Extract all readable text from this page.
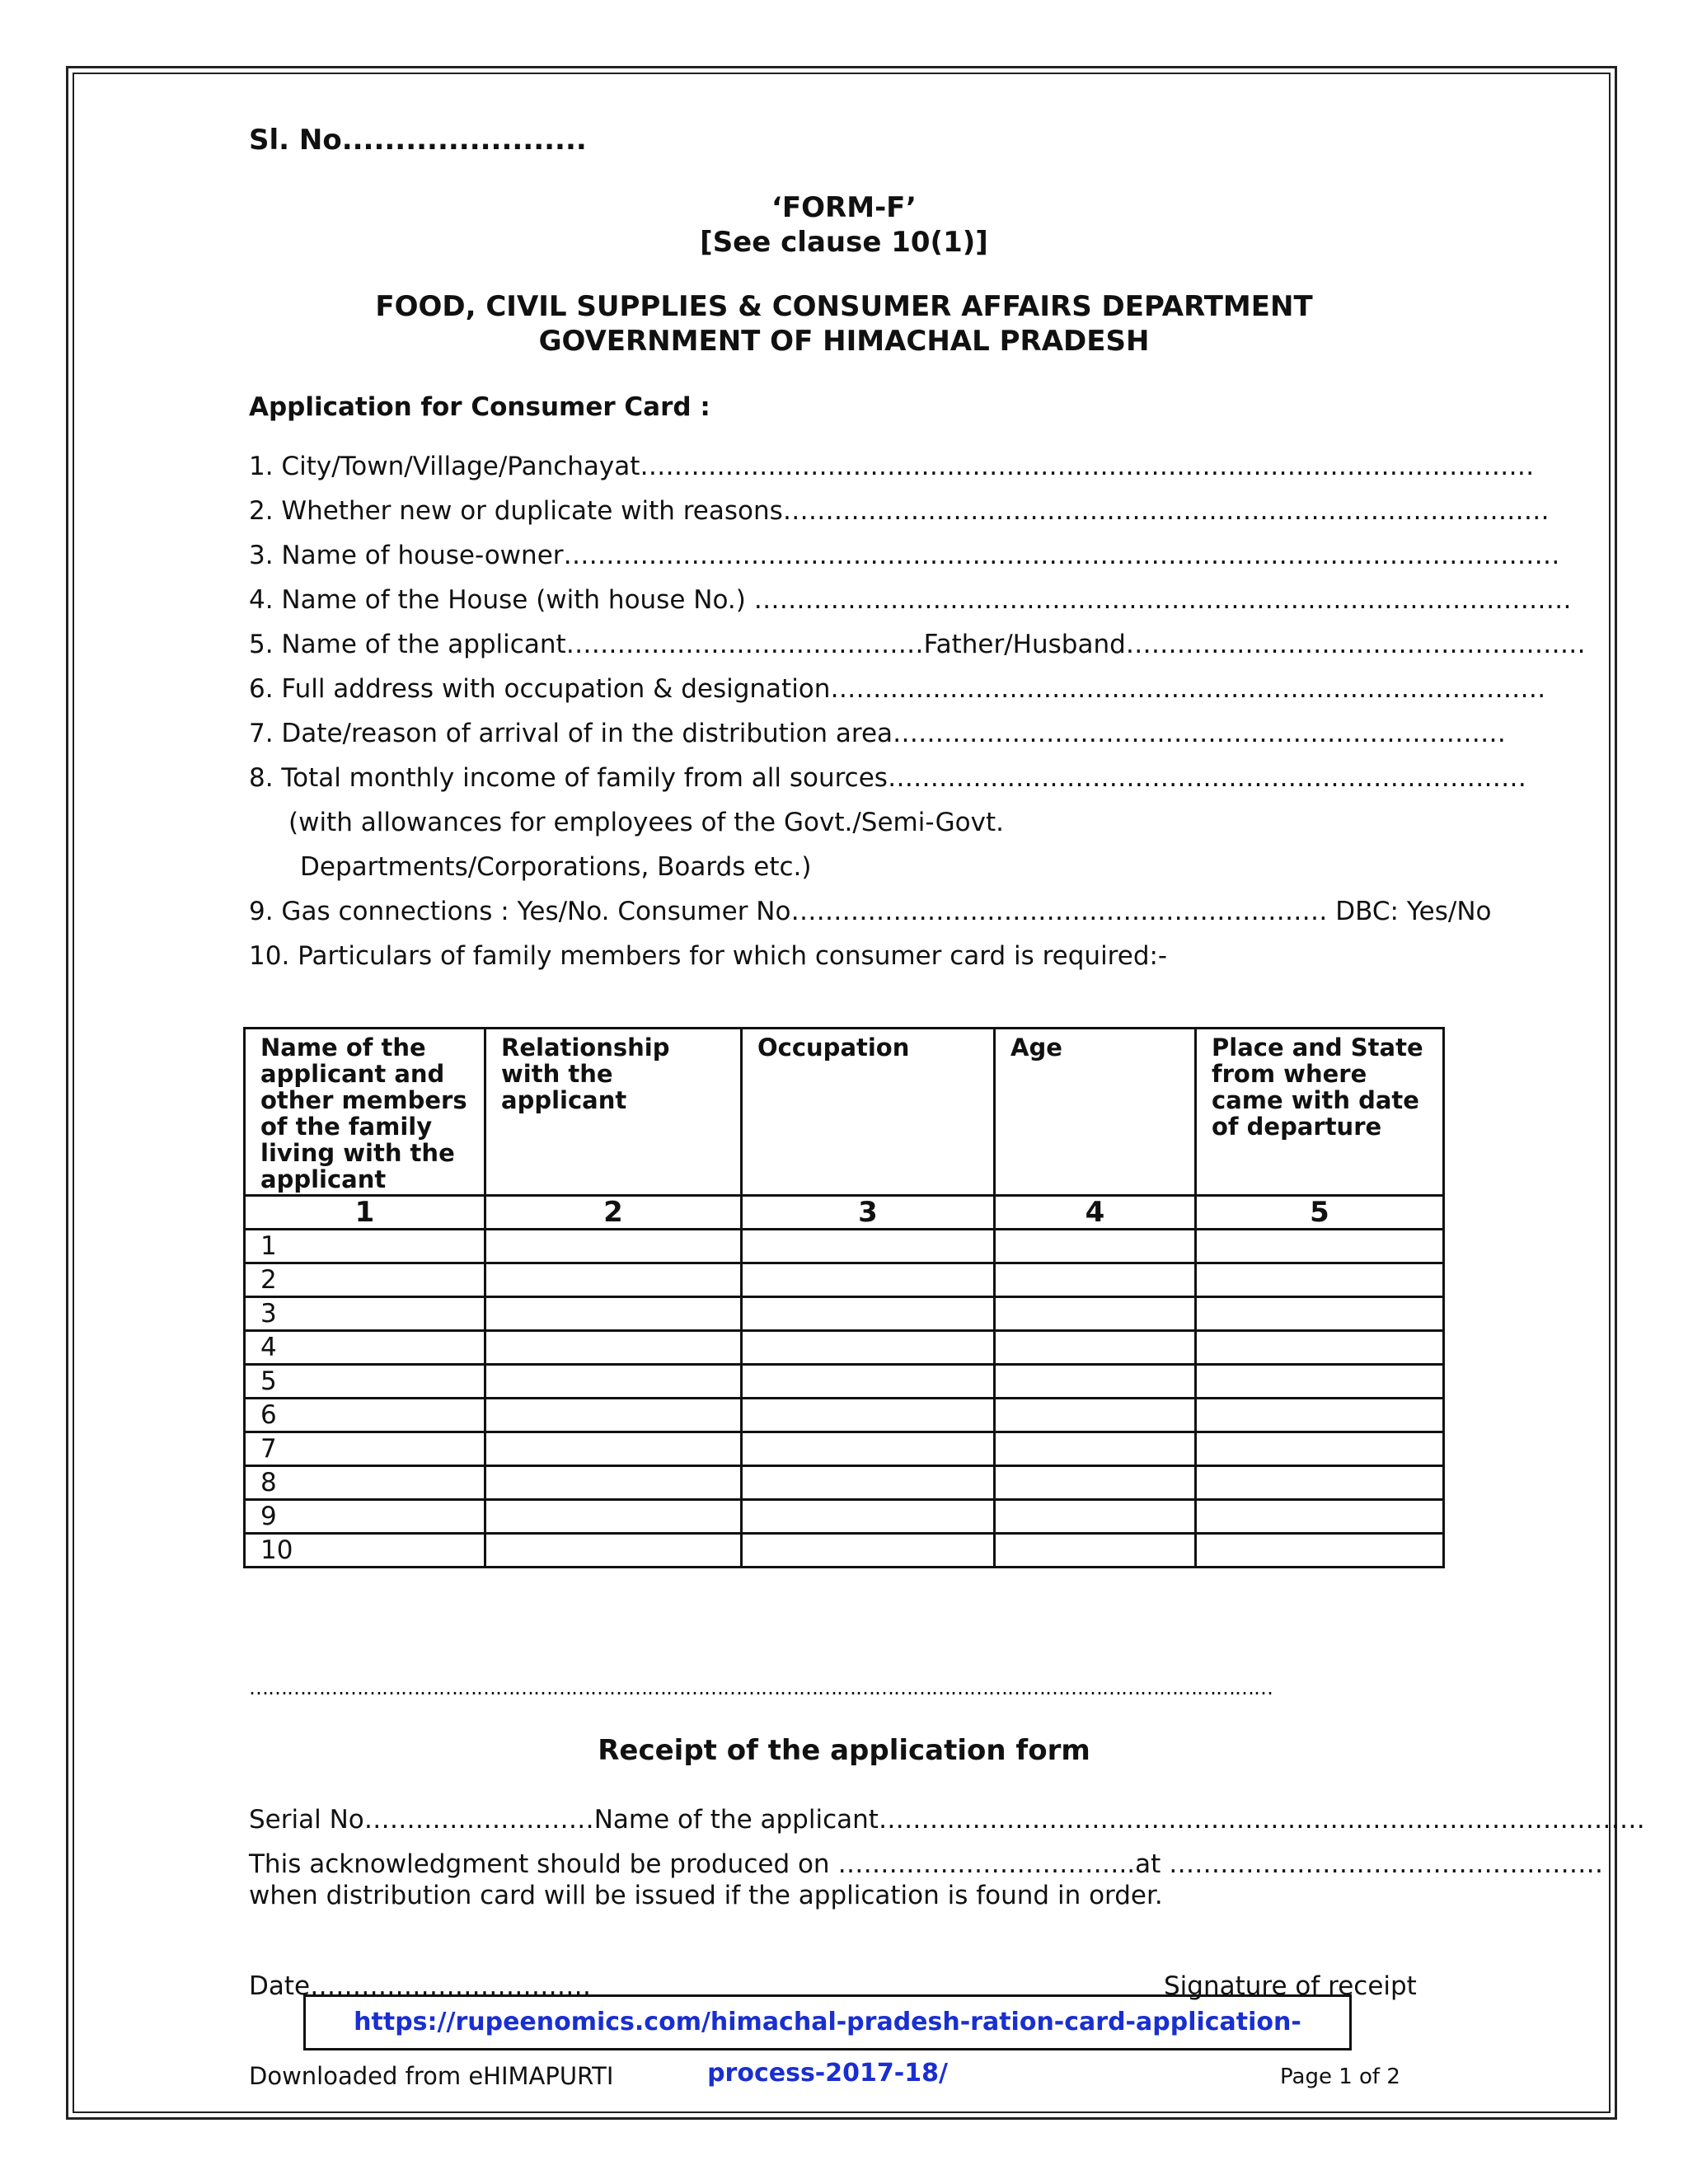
Sl. No.......................
‘FORM-F’
[See clause 10(1)]
FOOD, CIVIL SUPPLIES & CONSUMER AFFAIRS DEPARTMENT
GOVERNMENT OF HIMACHAL PRADESH
Application for Consumer Card :
1. City/Town/Village/Panchayat……………………………………………………………………………………………
2. Whether new or duplicate with reasons………………………………………………………………………………
3. Name of house-owner………………………………………………………………………………………………………
4. Name of the House (with house No.) ……………………………………………………………………………………
5. Name of the applicant……………………………………Father/Husband………………………………………………
6. Full address with occupation & designation…………………………………………………………………………
7. Date/reason of arrival of in the distribution area………………………………………………………………
8. Total monthly income of family from all sources…………………………………………………………………
(with allowances for employees of the Govt./Semi-Govt.
Departments/Corporations, Boards etc.)
9. Gas connections : Yes/No. Consumer No……………………………………………………… DBC: Yes/No
10. Particulars of family members for which consumer card is required:-
Name of the applicant and other members of the family living with the applicant	Relationship with the applicant	Occupation	Age	Place and State from where came with date of departure
1	2	3	4	5
1				
2				
3				
4				
5				
6				
7				
8				
9				
10				
………………………………………………………………………………………………………………………………………………
Receipt of the application form
Serial No………………………Name of the applicant………………………………………………………………………………
This acknowledgment should be produced on ……………………………..at ……………………………………………
when distribution card will be issued if the application is found in order.
Date……………………………	Signature of receipt
https://rupeenomics.com/himachal-pradesh-ration-card-application-process-2017-18/
Downloaded from eHIMAPURTI	Page 1 of 2
